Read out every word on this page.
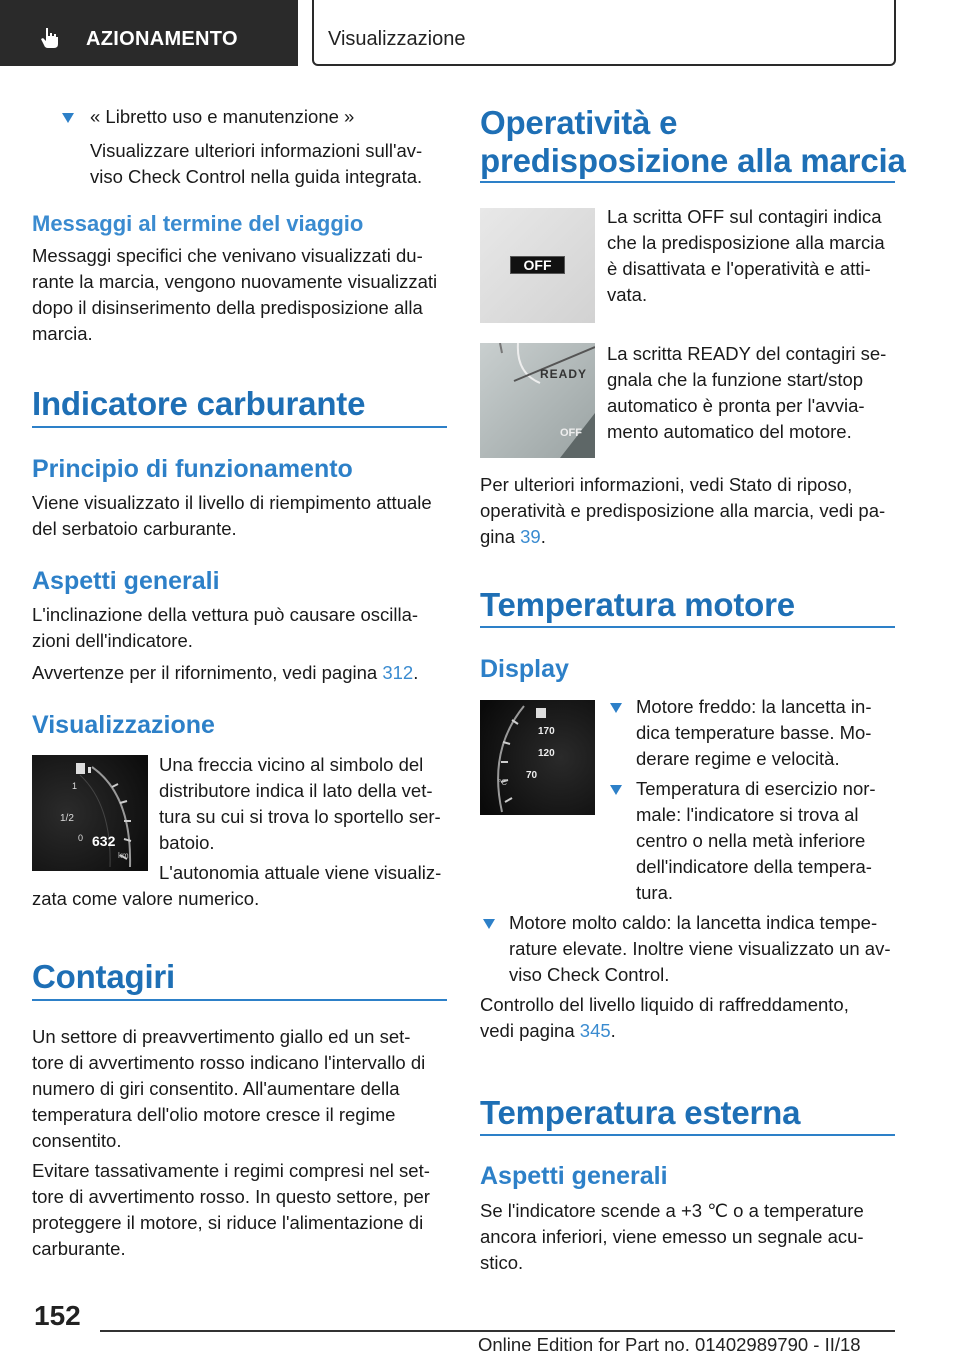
AZIONAMENTO	Visualizzazione
« Libretto uso e manutenzione »
Visualizzare ulteriori informazioni sull'av-
viso Check Control nella guida integrata.
Messaggi al termine del viaggio
Messaggi specifici che venivano visualizzati du-
rante la marcia, vengono nuovamente visualizzati
dopo il disinserimento della predisposizione alla
marcia.
Indicatore carburante
Principio di funzionamento
Viene visualizzato il livello di riempimento attuale
del serbatoio carburante.
Aspetti generali
L'inclinazione della vettura può causare oscilla-
zioni dell'indicatore.
Avvertenze per il rifornimento, vedi pagina 312.
Visualizzazione
1
1/2
0 632
km
Una freccia vicino al simbolo del
distributore indica il lato della vet-
tura su cui si trova lo sportello ser-
batoio.
L'autonomia attuale viene visualiz-
zata come valore numerico.
Contagiri
Un settore di preavvertimento giallo ed un set-
tore di avvertimento rosso indicano l'intervallo di
numero di giri consentito. All'aumentare della
temperatura dell'olio motore cresce il regime
consentito.
Evitare tassativamente i regimi compresi nel set-
tore di avvertimento rosso. In questo settore, per
proteggere il motore, si riduce l'alimentazione di
carburante.
Operatività e
predisposizione alla marcia
OFF
La scritta OFF sul contagiri indica
che la predisposizione alla marcia
è disattivata e l'operatività e atti-
vata.
READY
OFF
La scritta READY del contagiri se-
gnala che la funzione start/stop
automatico è pronta per l'avvia-
mento automatico del motore.
Per ulteriori informazioni, vedi Stato di riposo,
operatività e predisposizione alla marcia, vedi pa-
gina 39.
Temperatura motore
Display
170
120
70
°C
Motore freddo: la lancetta in-
dica temperature basse. Mo-
derare regime e velocità.
Temperatura di esercizio nor-
male: l'indicatore si trova al
centro o nella metà inferiore
dell'indicatore della tempera-
tura.
Motore molto caldo: la lancetta indica tempe-
rature elevate. Inoltre viene visualizzato un av-
viso Check Control.
Controllo del livello liquido di raffreddamento,
vedi pagina 345.
Temperatura esterna
Aspetti generali
Se l'indicatore scende a +3 ℃ o a temperature
ancora inferiori, viene emesso un segnale acu-
stico.
152
Online Edition for Part no. 01402989790 - II/18
